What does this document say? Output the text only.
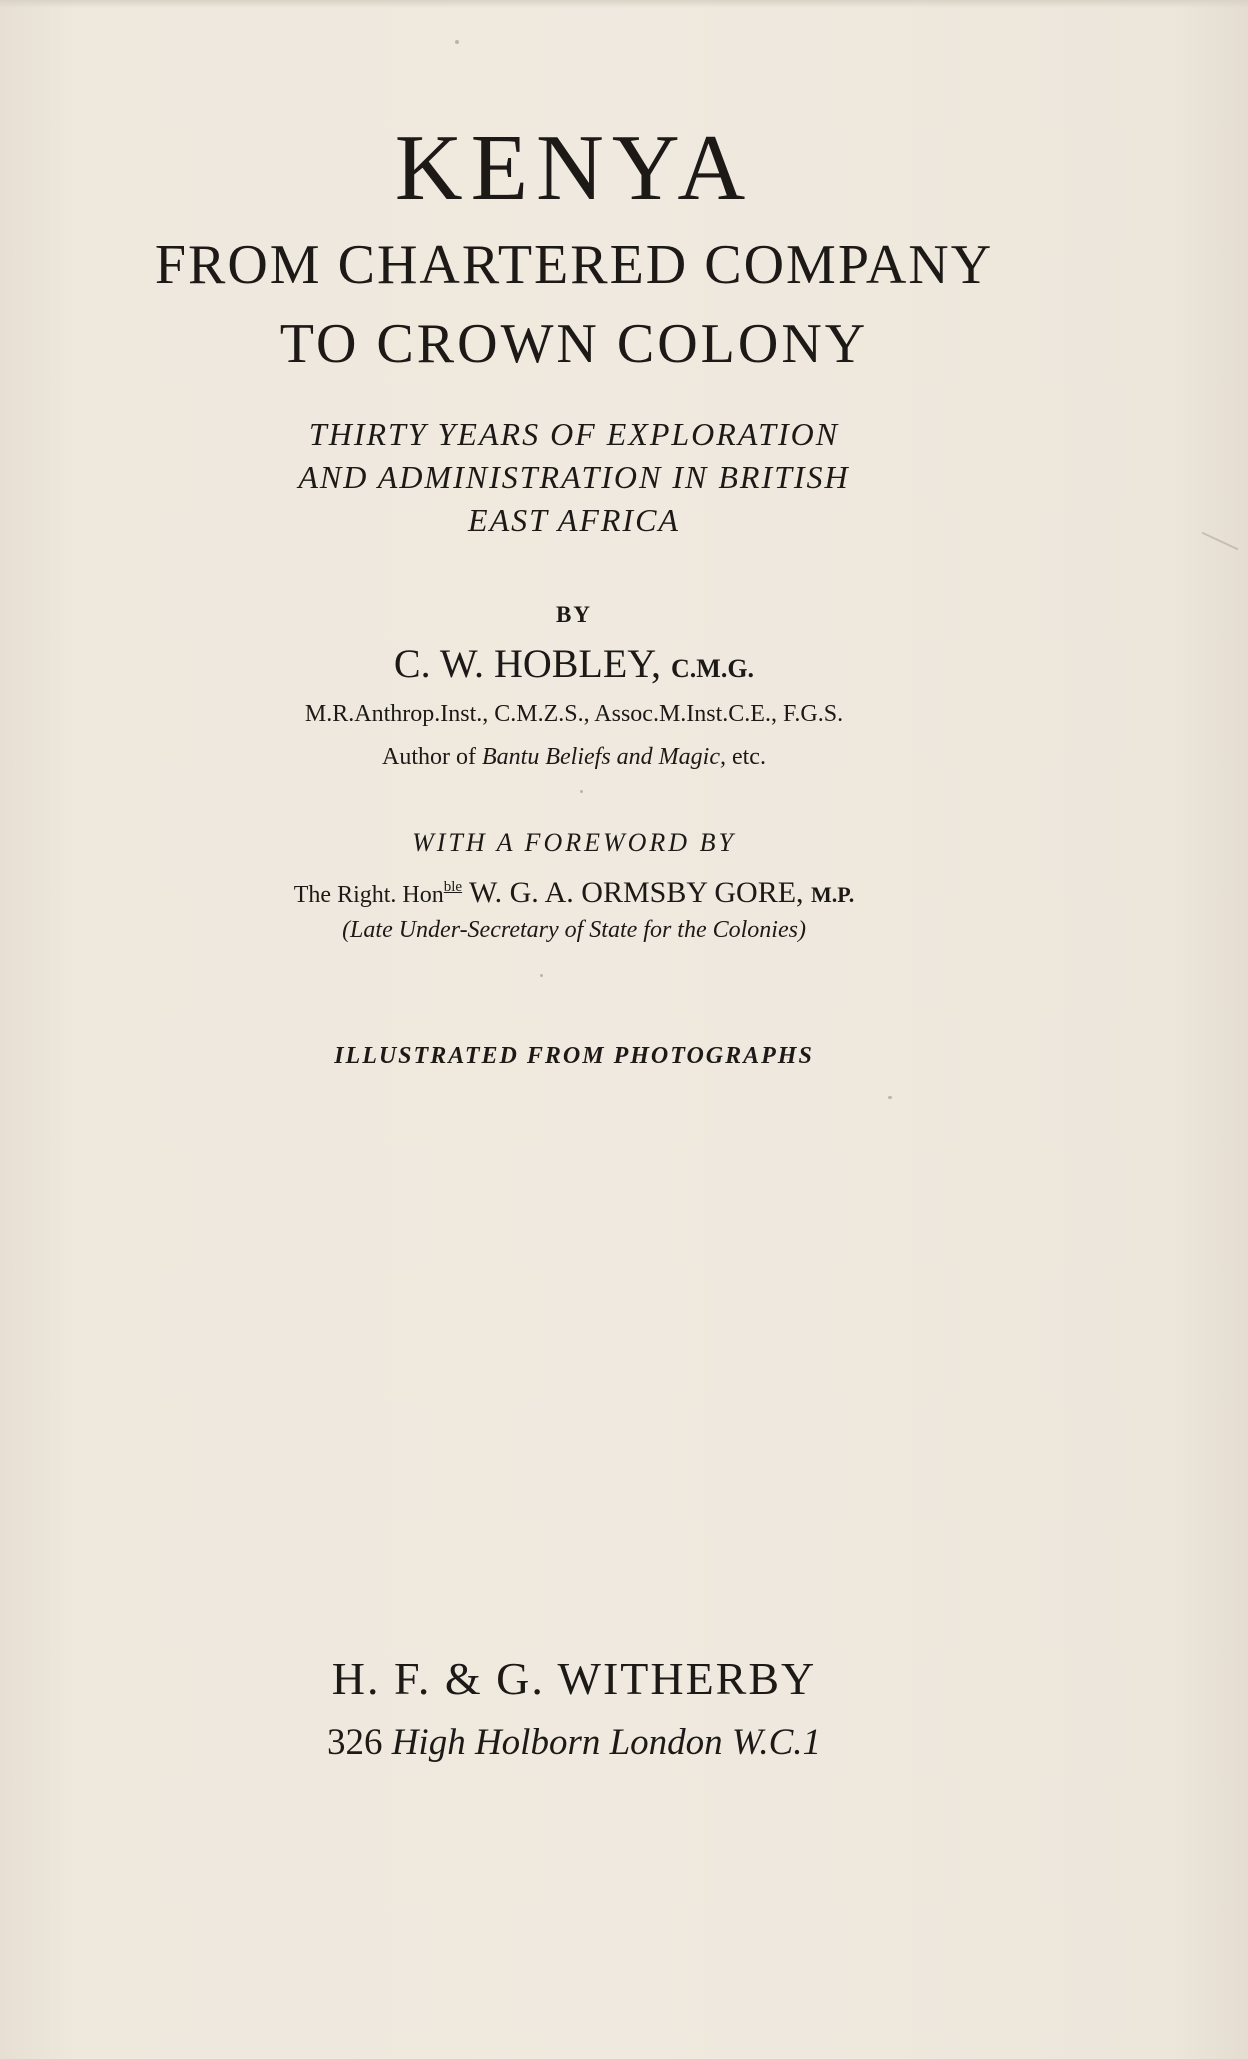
KENYA
FROM CHARTERED COMPANY
TO CROWN COLONY
THIRTY YEARS OF EXPLORATION
AND ADMINISTRATION IN BRITISH
EAST AFRICA
BY
C. W. HOBLEY, C.M.G.
M.R.Anthrop.Inst., C.M.Z.S., Assoc.M.Inst.C.E., F.G.S.
Author of Bantu Beliefs and Magic, etc.
WITH A FOREWORD BY
The Right. Hon$^{ble}$ W. G. A. ORMSBY GORE, M.P.
(Late Under-Secretary of State for the Colonies)
ILLUSTRATED FROM PHOTOGRAPHS
H. F. & G. WITHERBY
326 High Holborn London W.C.1
